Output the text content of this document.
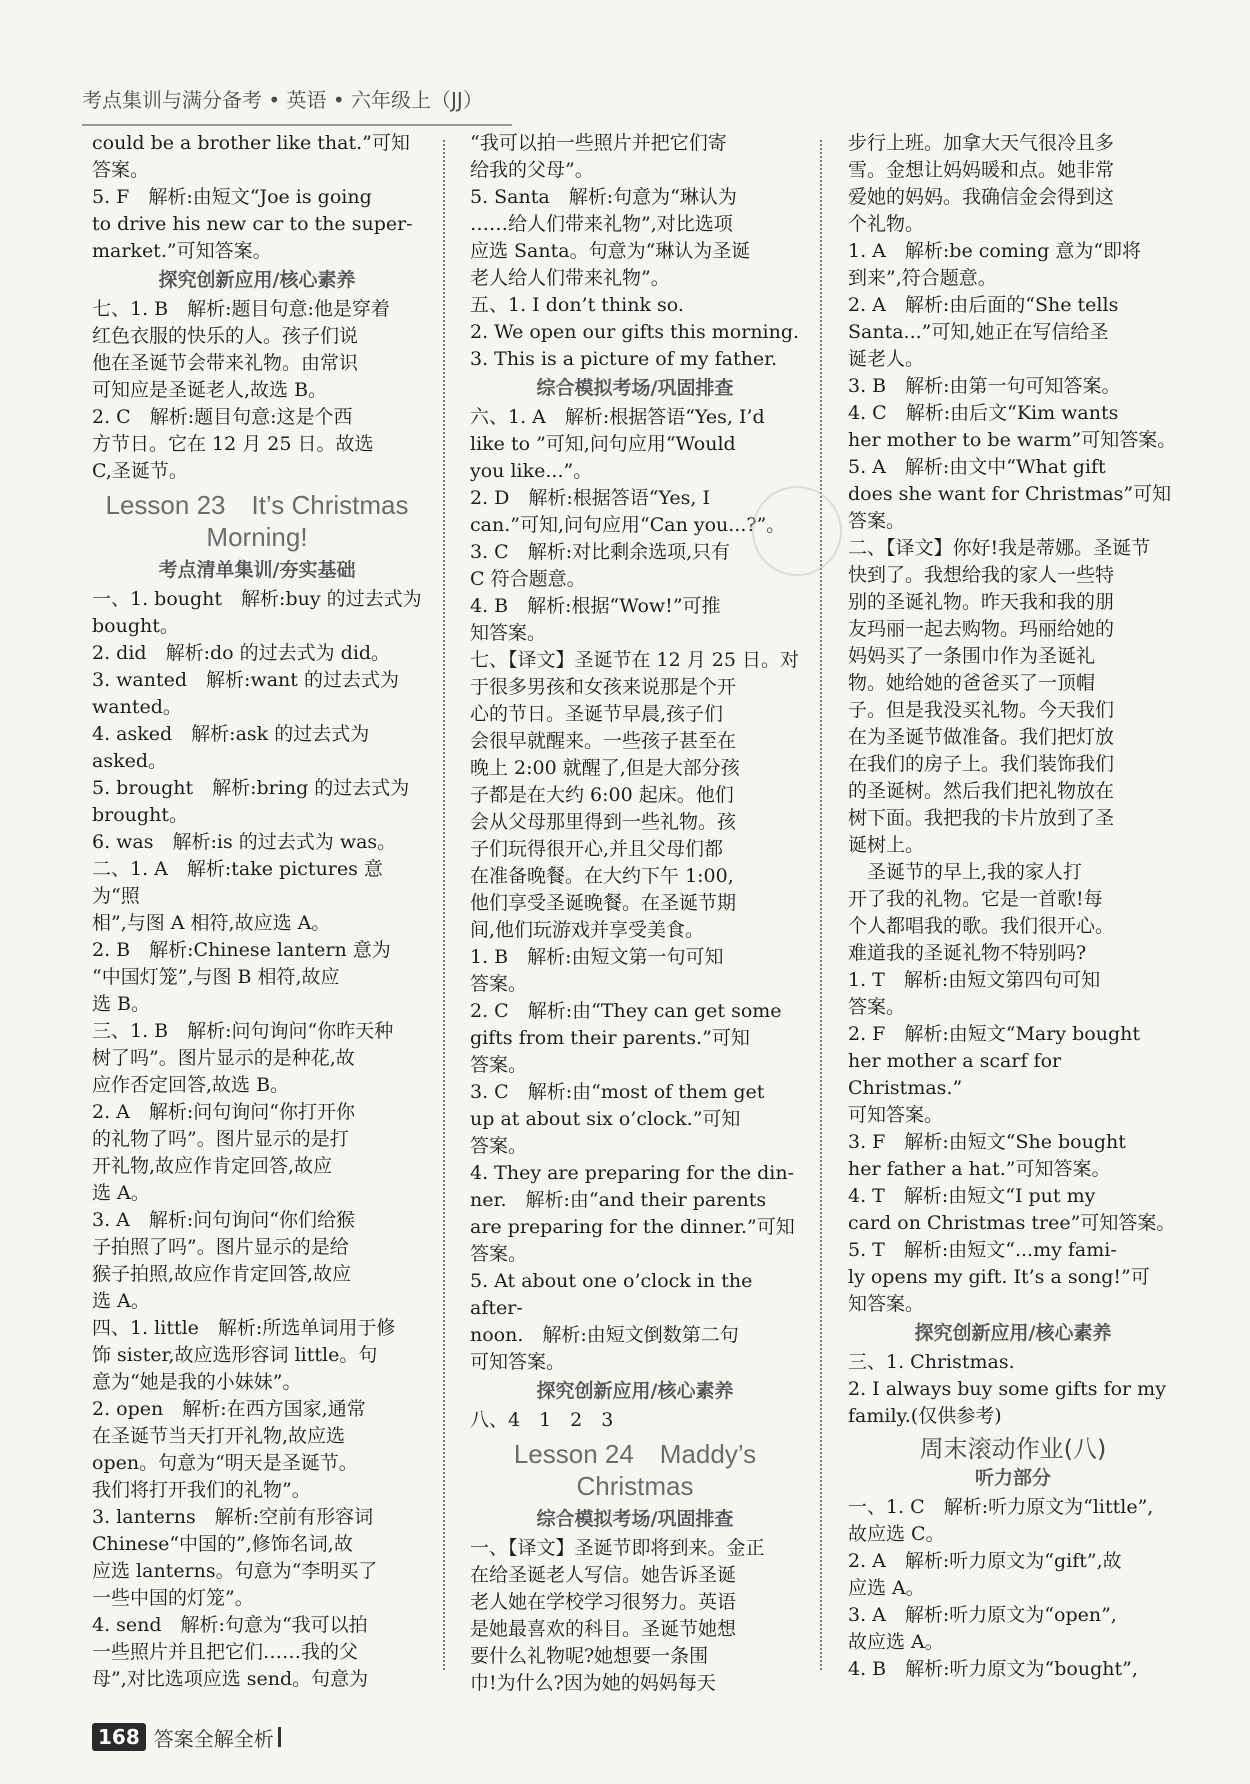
考点集训与满分备考 • 英语 • 六年级上（JJ）

could be a brother like that.”可知

答案。

5. F　解析:由短文“Joe is going

to drive his new car to the super-

market.”可知答案。

探究创新应用/核心素养

七、1. B　解析:题目句意:他是穿着

红色衣服的快乐的人。孩子们说

他在圣诞节会带来礼物。由常识

可知应是圣诞老人,故选 B。

2. C　解析:题目句意:这是个西

方节日。它在 12 月 25 日。故选

C,圣诞节。

Lesson 23　It’s Christmas Morning!
考点清单集训/夯实基础

一、1. bought　解析:buy 的过去式为

bought。

2. did　解析:do 的过去式为 did。

3. wanted　解析:want 的过去式为

wanted。

4. asked　解析:ask 的过去式为

asked。

5. brought　解析:bring 的过去式为

brought。

6. was　解析:is 的过去式为 was。

二、1. A　解析:take pictures 意为“照

相”,与图 A 相符,故应选 A。

2. B　解析:Chinese lantern 意为

“中国灯笼”,与图 B 相符,故应

选 B。

三、1. B　解析:问句询问“你昨天种

树了吗”。图片显示的是种花,故

应作否定回答,故选 B。

2. A　解析:问句询问“你打开你

的礼物了吗”。图片显示的是打

开礼物,故应作肯定回答,故应

选 A。

3. A　解析:问句询问“你们给猴

子拍照了吗”。图片显示的是给

猴子拍照,故应作肯定回答,故应

选 A。

四、1. little　解析:所选单词用于修

饰 sister,故应选形容词 little。句

意为“她是我的小妹妹”。

2. open　解析:在西方国家,通常

在圣诞节当天打开礼物,故应选

open。句意为“明天是圣诞节。

我们将打开我们的礼物”。

3. lanterns　解析:空前有形容词

Chinese“中国的”,修饰名词,故

应选 lanterns。句意为“李明买了

一些中国的灯笼”。

4. send　解析:句意为“我可以拍

一些照片并且把它们……我的父

母”,对比选项应选 send。句意为

“我可以拍一些照片并把它们寄

给我的父母”。

5. Santa　解析:句意为“琳认为

……给人们带来礼物”,对比选项

应选 Santa。句意为“琳认为圣诞

老人给人们带来礼物”。

五、1. I don’t think so.

2. We open our gifts this morning.

3. This is a picture of my father.

综合模拟考场/巩固排查

六、1. A　解析:根据答语“Yes, I’d

like to ”可知,问句应用“Would

you like...”。

2. D　解析:根据答语“Yes, I

can.”可知,问句应用“Can you...?”。

3. C　解析:对比剩余选项,只有

C 符合题意。

4. B　解析:根据“Wow!”可推

知答案。

七、【译文】圣诞节在 12 月 25 日。对

于很多男孩和女孩来说那是个开

心的节日。圣诞节早晨,孩子们

会很早就醒来。一些孩子甚至在

晚上 2:00 就醒了,但是大部分孩

子都是在大约 6:00 起床。他们

会从父母那里得到一些礼物。孩

子们玩得很开心,并且父母们都

在准备晚餐。在大约下午 1:00,

他们享受圣诞晚餐。在圣诞节期

间,他们玩游戏并享受美食。

1. B　解析:由短文第一句可知

答案。

2. C　解析:由“They can get some

gifts from their parents.”可知

答案。

3. C　解析:由“most of them get

up at about six o’clock.”可知

答案。

4. They are preparing for the din-

ner.　解析:由“and their parents

are preparing for the dinner.”可知

答案。

5. At about one o’clock in the after-

noon.　解析:由短文倒数第二句

可知答案。

探究创新应用/核心素养

八、4　1　2　3

Lesson 24　Maddy’s Christmas
综合模拟考场/巩固排查

一、【译文】圣诞节即将到来。金正

在给圣诞老人写信。她告诉圣诞

老人她在学校学习很努力。英语

是她最喜欢的科目。圣诞节她想

要什么礼物呢?她想要一条围

巾!为什么?因为她的妈妈每天

步行上班。加拿大天气很冷且多

雪。金想让妈妈暖和点。她非常

爱她的妈妈。我确信金会得到这

个礼物。

1. A　解析:be coming 意为“即将

到来”,符合题意。

2. A　解析:由后面的“She tells

Santa...”可知,她正在写信给圣

诞老人。

3. B　解析:由第一句可知答案。

4. C　解析:由后文“Kim wants

her mother to be warm”可知答案。

5. A　解析:由文中“What gift

does she want for Christmas”可知

答案。

二、【译文】你好!我是蒂娜。圣诞节

快到了。我想给我的家人一些特

别的圣诞礼物。昨天我和我的朋

友玛丽一起去购物。玛丽给她的

妈妈买了一条围巾作为圣诞礼

物。她给她的爸爸买了一顶帽

子。但是我没买礼物。今天我们

在为圣诞节做准备。我们把灯放

在我们的房子上。我们装饰我们

的圣诞树。然后我们把礼物放在

树下面。我把我的卡片放到了圣

诞树上。

　圣诞节的早上,我的家人打

开了我的礼物。它是一首歌!每

个人都唱我的歌。我们很开心。

难道我的圣诞礼物不特别吗?

1. T　解析:由短文第四句可知

答案。

2. F　解析:由短文“Mary bought

her mother a scarf for Christmas.”

可知答案。

3. F　解析:由短文“She bought

her father a hat.”可知答案。

4. T　解析:由短文“I put my

card on Christmas tree”可知答案。

5. T　解析:由短文“...my fami-

ly opens my gift. It’s a song!”可

知答案。

探究创新应用/核心素养

三、1. Christmas.

2. I always buy some gifts for my

family.(仅供参考)

周末滚动作业(八)
听力部分

一、1. C　解析:听力原文为“little”,

故应选 C。

2. A　解析:听力原文为“gift”,故

应选 A。

3. A　解析:听力原文为“open”,

故应选 A。

4. B　解析:听力原文为“bought”,

168 答案全解全析
